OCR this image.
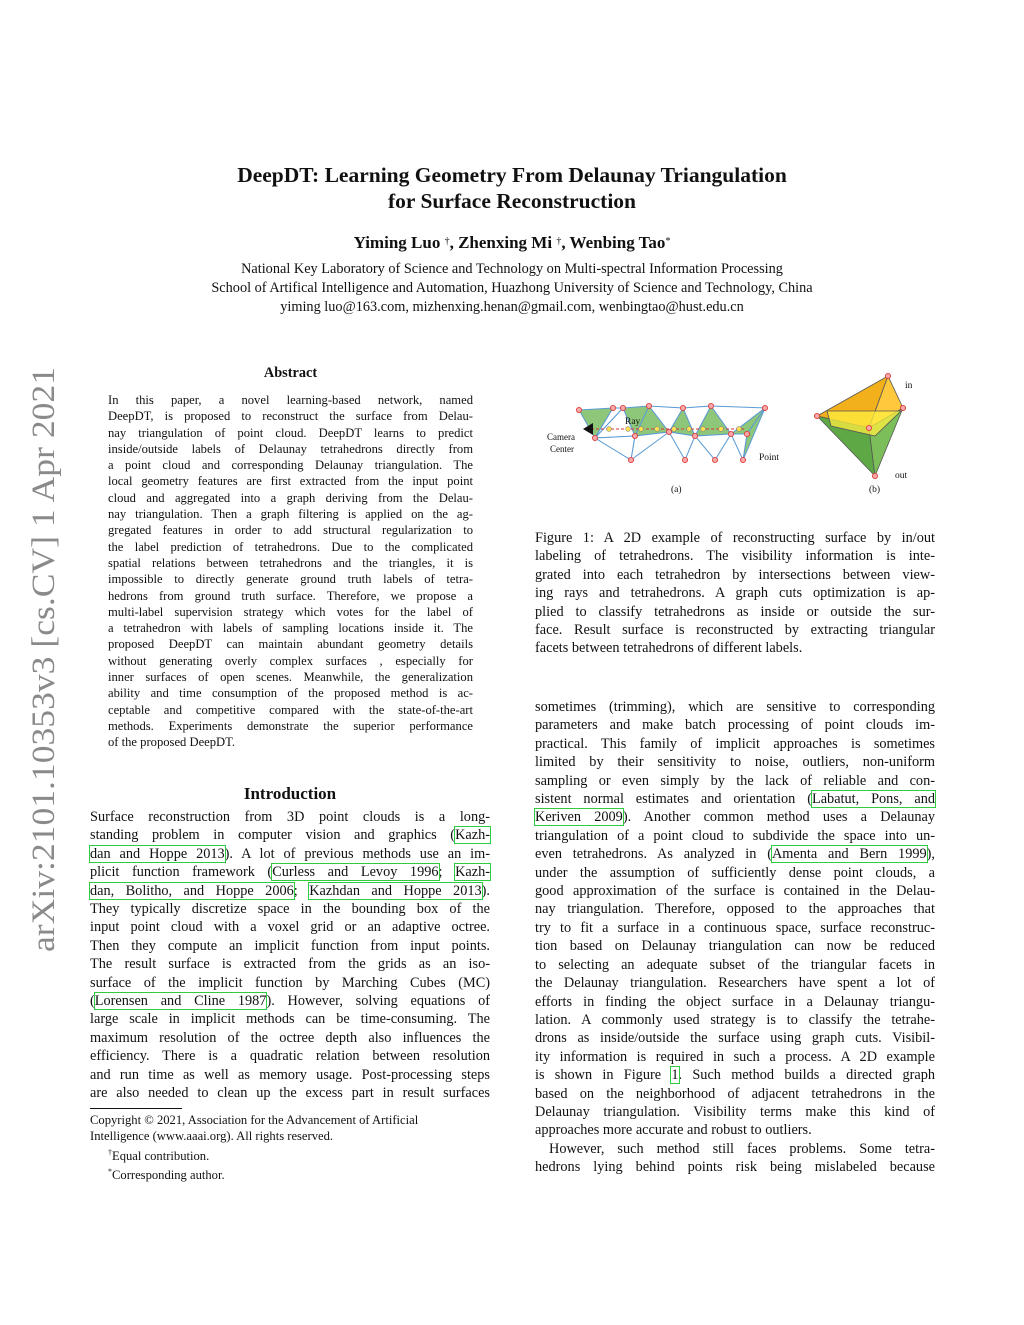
arXiv:2101.10353v3 [cs.CV] 1 Apr 2021
DeepDT: Learning Geometry From Delaunay Triangulation
for Surface Reconstruction
Yiming Luo †, Zhenxing Mi †, Wenbing Tao*
National Key Laboratory of Science and Technology on Multi-spectral Information Processing
School of Artifical Intelligence and Automation, Huazhong University of Science and Technology, China
yiming luo@163.com, mizhenxing.henan@gmail.com, wenbingtao@hust.edu.cn
Abstract
In this paper, a novel learning-based network, named
DeepDT, is proposed to reconstruct the surface from Delau-
nay triangulation of point cloud. DeepDT learns to predict
inside/outside labels of Delaunay tetrahedrons directly from
a point cloud and corresponding Delaunay triangulation. The
local geometry features are first extracted from the input point
cloud and aggregated into a graph deriving from the Delau-
nay triangulation. Then a graph filtering is applied on the ag-
gregated features in order to add structural regularization to
the label prediction of tetrahedrons. Due to the complicated
spatial relations between tetrahedrons and the triangles, it is
impossible to directly generate ground truth labels of tetra-
hedrons from ground truth surface. Therefore, we propose a
multi-label supervision strategy which votes for the label of
a tetrahedron with labels of sampling locations inside it. The
proposed DeepDT can maintain abundant geometry details
without generating overly complex surfaces , especially for
inner surfaces of open scenes. Meanwhile, the generalization
ability and time consumption of the proposed method is ac-
ceptable and competitive compared with the state-of-the-art
methods. Experiments demonstrate the superior performance
of the proposed DeepDT.
Introduction
Surface reconstruction from 3D point clouds is a long-
standing problem in computer vision and graphics (Kazh-
dan and Hoppe 2013). A lot of previous methods use an im-
plicit function framework (Curless and Levoy 1996; Kazh-
dan, Bolitho, and Hoppe 2006; Kazhdan and Hoppe 2013).
They typically discretize space in the bounding box of the
input point cloud with a voxel grid or an adaptive octree.
Then they compute an implicit function from input points.
The result surface is extracted from the grids as an iso-
surface of the implicit function by Marching Cubes (MC)
(Lorensen and Cline 1987). However, solving equations of
large scale in implicit methods can be time-consuming. The
maximum resolution of the octree depth also influences the
efficiency. There is a quadratic relation between resolution
and run time as well as memory usage. Post-processing steps
are also needed to clean up the excess part in result surfaces
Copyright © 2021, Association for the Advancement of Artificial
Intelligence (www.aaai.org). All rights reserved.
†Equal contribution.
*Corresponding author.
Ray
Camera
Center
Point
(a)
in
out
(b)
Figure 1: A 2D example of reconstructing surface by in/out
labeling of tetrahedrons. The visibility information is inte-
grated into each tetrahedron by intersections between view-
ing rays and tetrahedrons. A graph cuts optimization is ap-
plied to classify tetrahedrons as inside or outside the sur-
face. Result surface is reconstructed by extracting triangular
facets between tetrahedrons of different labels.
sometimes (trimming), which are sensitive to corresponding
parameters and make batch processing of point clouds im-
practical. This family of implicit approaches is sometimes
limited by their sensitivity to noise, outliers, non-uniform
sampling or even simply by the lack of reliable and con-
sistent normal estimates and orientation (Labatut, Pons, and
Keriven 2009). Another common method uses a Delaunay
triangulation of a point cloud to subdivide the space into un-
even tetrahedrons. As analyzed in (Amenta and Bern 1999),
under the assumption of sufficiently dense point clouds, a
good approximation of the surface is contained in the Delau-
nay triangulation. Therefore, opposed to the approaches that
try to fit a surface in a continuous space, surface reconstruc-
tion based on Delaunay triangulation can now be reduced
to selecting an adequate subset of the triangular facets in
the Delaunay triangulation. Researchers have spent a lot of
efforts in finding the object surface in a Delaunay triangu-
lation. A commonly used strategy is to classify the tetrahe-
drons as inside/outside the surface using graph cuts. Visibil-
ity information is required in such a process. A 2D example
is shown in Figure 1. Such method builds a directed graph
based on the neighborhood of adjacent tetrahedrons in the
Delaunay triangulation. Visibility terms make this kind of
approaches more accurate and robust to outliers.
However, such method still faces problems. Some tetra-
hedrons lying behind points risk being mislabeled because
